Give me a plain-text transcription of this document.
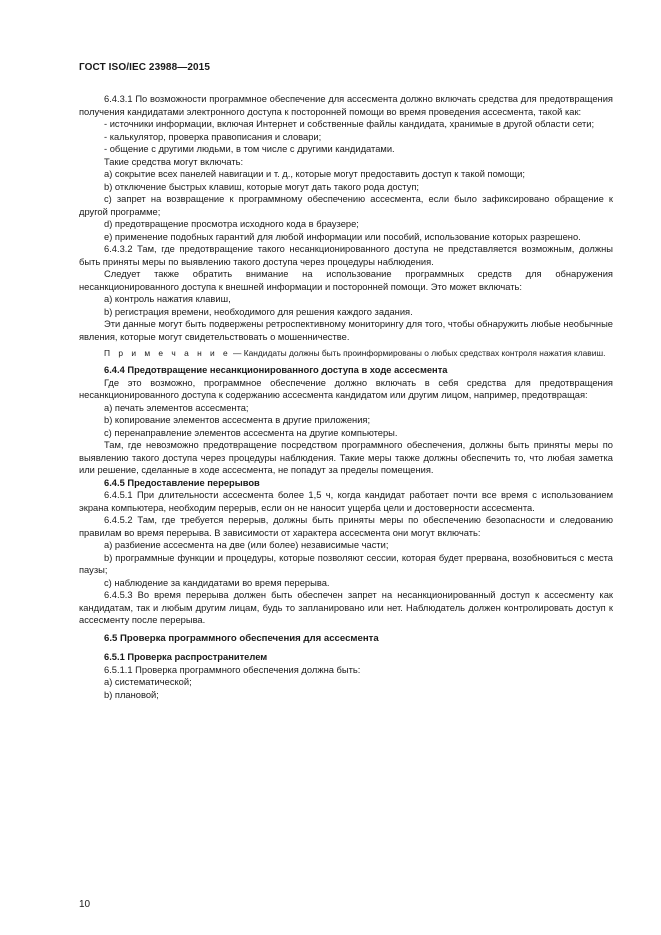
ГОСТ ISO/IEC 23988—2015

6.4.3.1 По возможности программное обеспечение для ассесмента должно включать средства для предотвращения получения кандидатами электронного доступа к посторонней помощи во время проведения ассесмента, такой как:

- источники информации, включая Интернет и собственные файлы кандидата, хранимые в другой области сети;

- калькулятор, проверка правописания и словари;

- общение с другими людьми, в том числе с другими кандидатами.

Такие средства могут включать:

a) сокрытие всех панелей навигации и т. д., которые могут предоставить доступ к такой помощи;

b) отключение быстрых клавиш, которые могут дать такого рода доступ;

c) запрет на возвращение к программному обеспечению ассесмента, если было зафиксировано обращение к другой программе;

d) предотвращение просмотра исходного кода в браузере;

e) применение подобных гарантий для любой информации или пособий, использование которых разрешено.

6.4.3.2 Там, где предотвращение такого несанкционированного доступа не представляется возможным, должны быть приняты меры по выявлению такого доступа через процедуры наблюдения.

Следует также обратить внимание на использование программных средств для обнаружения несанкционированного доступа к внешней информации и посторонней помощи. Это может включать:

a) контроль нажатия клавиш,

b) регистрация времени, необходимого для решения каждого задания.

Эти данные могут быть подвержены ретроспективному мониторингу для того, чтобы обнаружить любые необычные явления, которые могут свидетельствовать о мошенничестве.

П р и м е ч а н и е — Кандидаты должны быть проинформированы о любых средствах контроля нажатия клавиш.

6.4.4 Предотвращение несанкционированного доступа в ходе ассесмента

Где это возможно, программное обеспечение должно включать в себя средства для предотвращения несанкционированного доступа к содержанию ассесмента кандидатом или другим лицом, например, предотвращая:

a) печать элементов ассесмента;

b) копирование элементов ассесмента в другие приложения;

c) перенаправление элементов ассесмента на другие компьютеры.

Там, где невозможно предотвращение посредством программного обеспечения, должны быть приняты меры по выявлению такого доступа через процедуры наблюдения. Такие меры также должны обеспечить то, что любая заметка или решение, сделанные в ходе ассесмента, не попадут за пределы помещения.

6.4.5 Предоставление перерывов

6.4.5.1 При длительности ассесмента более 1,5 ч, когда кандидат работает почти все время с использованием экрана компьютера, необходим перерыв, если он не наносит ущерба цели и достоверности ассесмента.

6.4.5.2 Там, где требуется перерыв, должны быть приняты меры по обеспечению безопасности и следованию правилам во время перерыва. В зависимости от характера ассесмента они могут включать:

a) разбиение ассесмента на две (или более) независимые части;

b) программные функции и процедуры, которые позволяют сессии, которая будет прервана, возобновиться с места паузы;

c) наблюдение за кандидатами во время перерыва.

6.4.5.3 Во время перерыва должен быть обеспечен запрет на несанкционированный доступ к ассесменту как кандидатам, так и любым другим лицам, будь то запланировано или нет. Наблюдатель должен контролировать доступ к ассесменту после перерыва.

6.5 Проверка программного обеспечения для ассесмента
6.5.1 Проверка распространителем

6.5.1.1 Проверка программного обеспечения должна быть:

a) систематической;

b) плановой;

10
